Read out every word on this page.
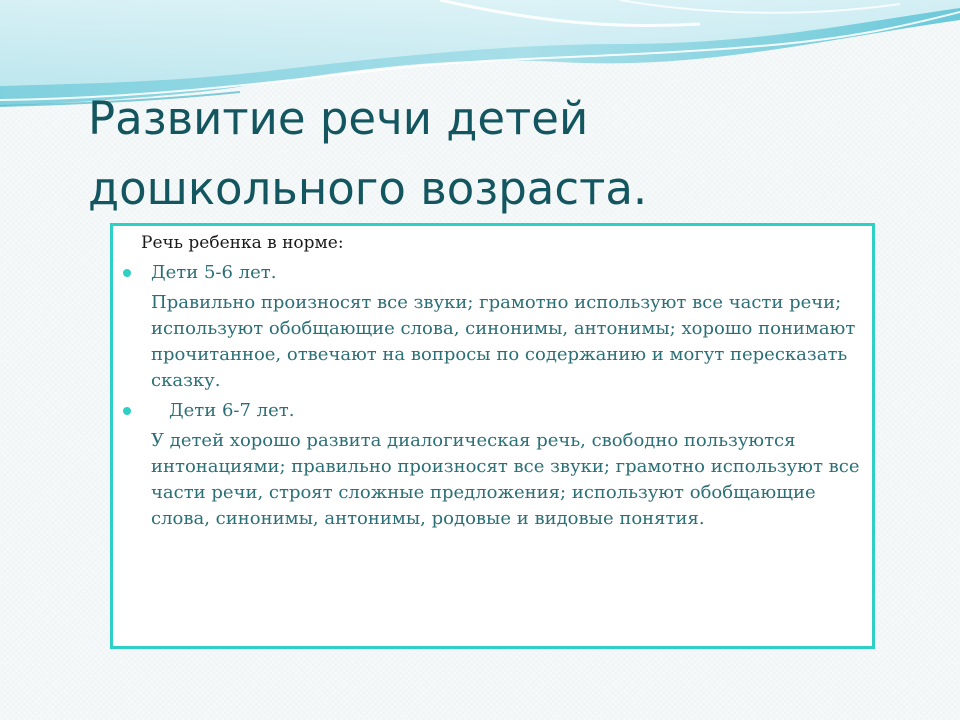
Развитие речи детей дошкольного возраста.
Речь ребенка в норме:
Дети 5-6 лет.

Правильно произносят все звуки; грамотно используют все части речи; используют обобщающие слова, синонимы, антонимы; хорошо понимают прочитанное, отвечают на вопросы по содержанию и могут пересказать сказку.

Дети 6-7 лет.

У детей хорошо развита диалогическая речь, свободно пользуются интонациями; правильно произносят все звуки; грамотно используют все части речи, строят сложные предложения; используют обобщающие слова, синонимы, антонимы, родовые и видовые понятия.
